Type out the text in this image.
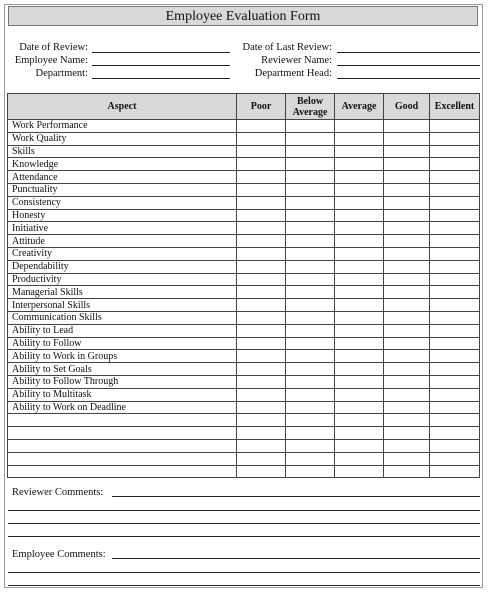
Employee Evaluation Form
Date of Review:
Employee Name:
Department:
Date of Last Review:
Reviewer Name:
Department Head:
Aspect	Poor	Below Average	Average	Good	Excellent
Work Performance					
Work Quality					
Skills					
Knowledge					
Attendance					
Punctuality					
Consistency					
Honesty					
Initiative					
Attitude					
Creativity					
Dependability					
Productivity					
Managerial Skills					
Interpersonal Skills					
Communication Skills					
Ability to Lead					
Ability to Follow					
Ability to Work in Groups					
Ability to Set Goals					
Ability to Follow Through					
Ability to Multitask					
Ability to Work on Deadline					

Reviewer Comments:
Employee Comments:
